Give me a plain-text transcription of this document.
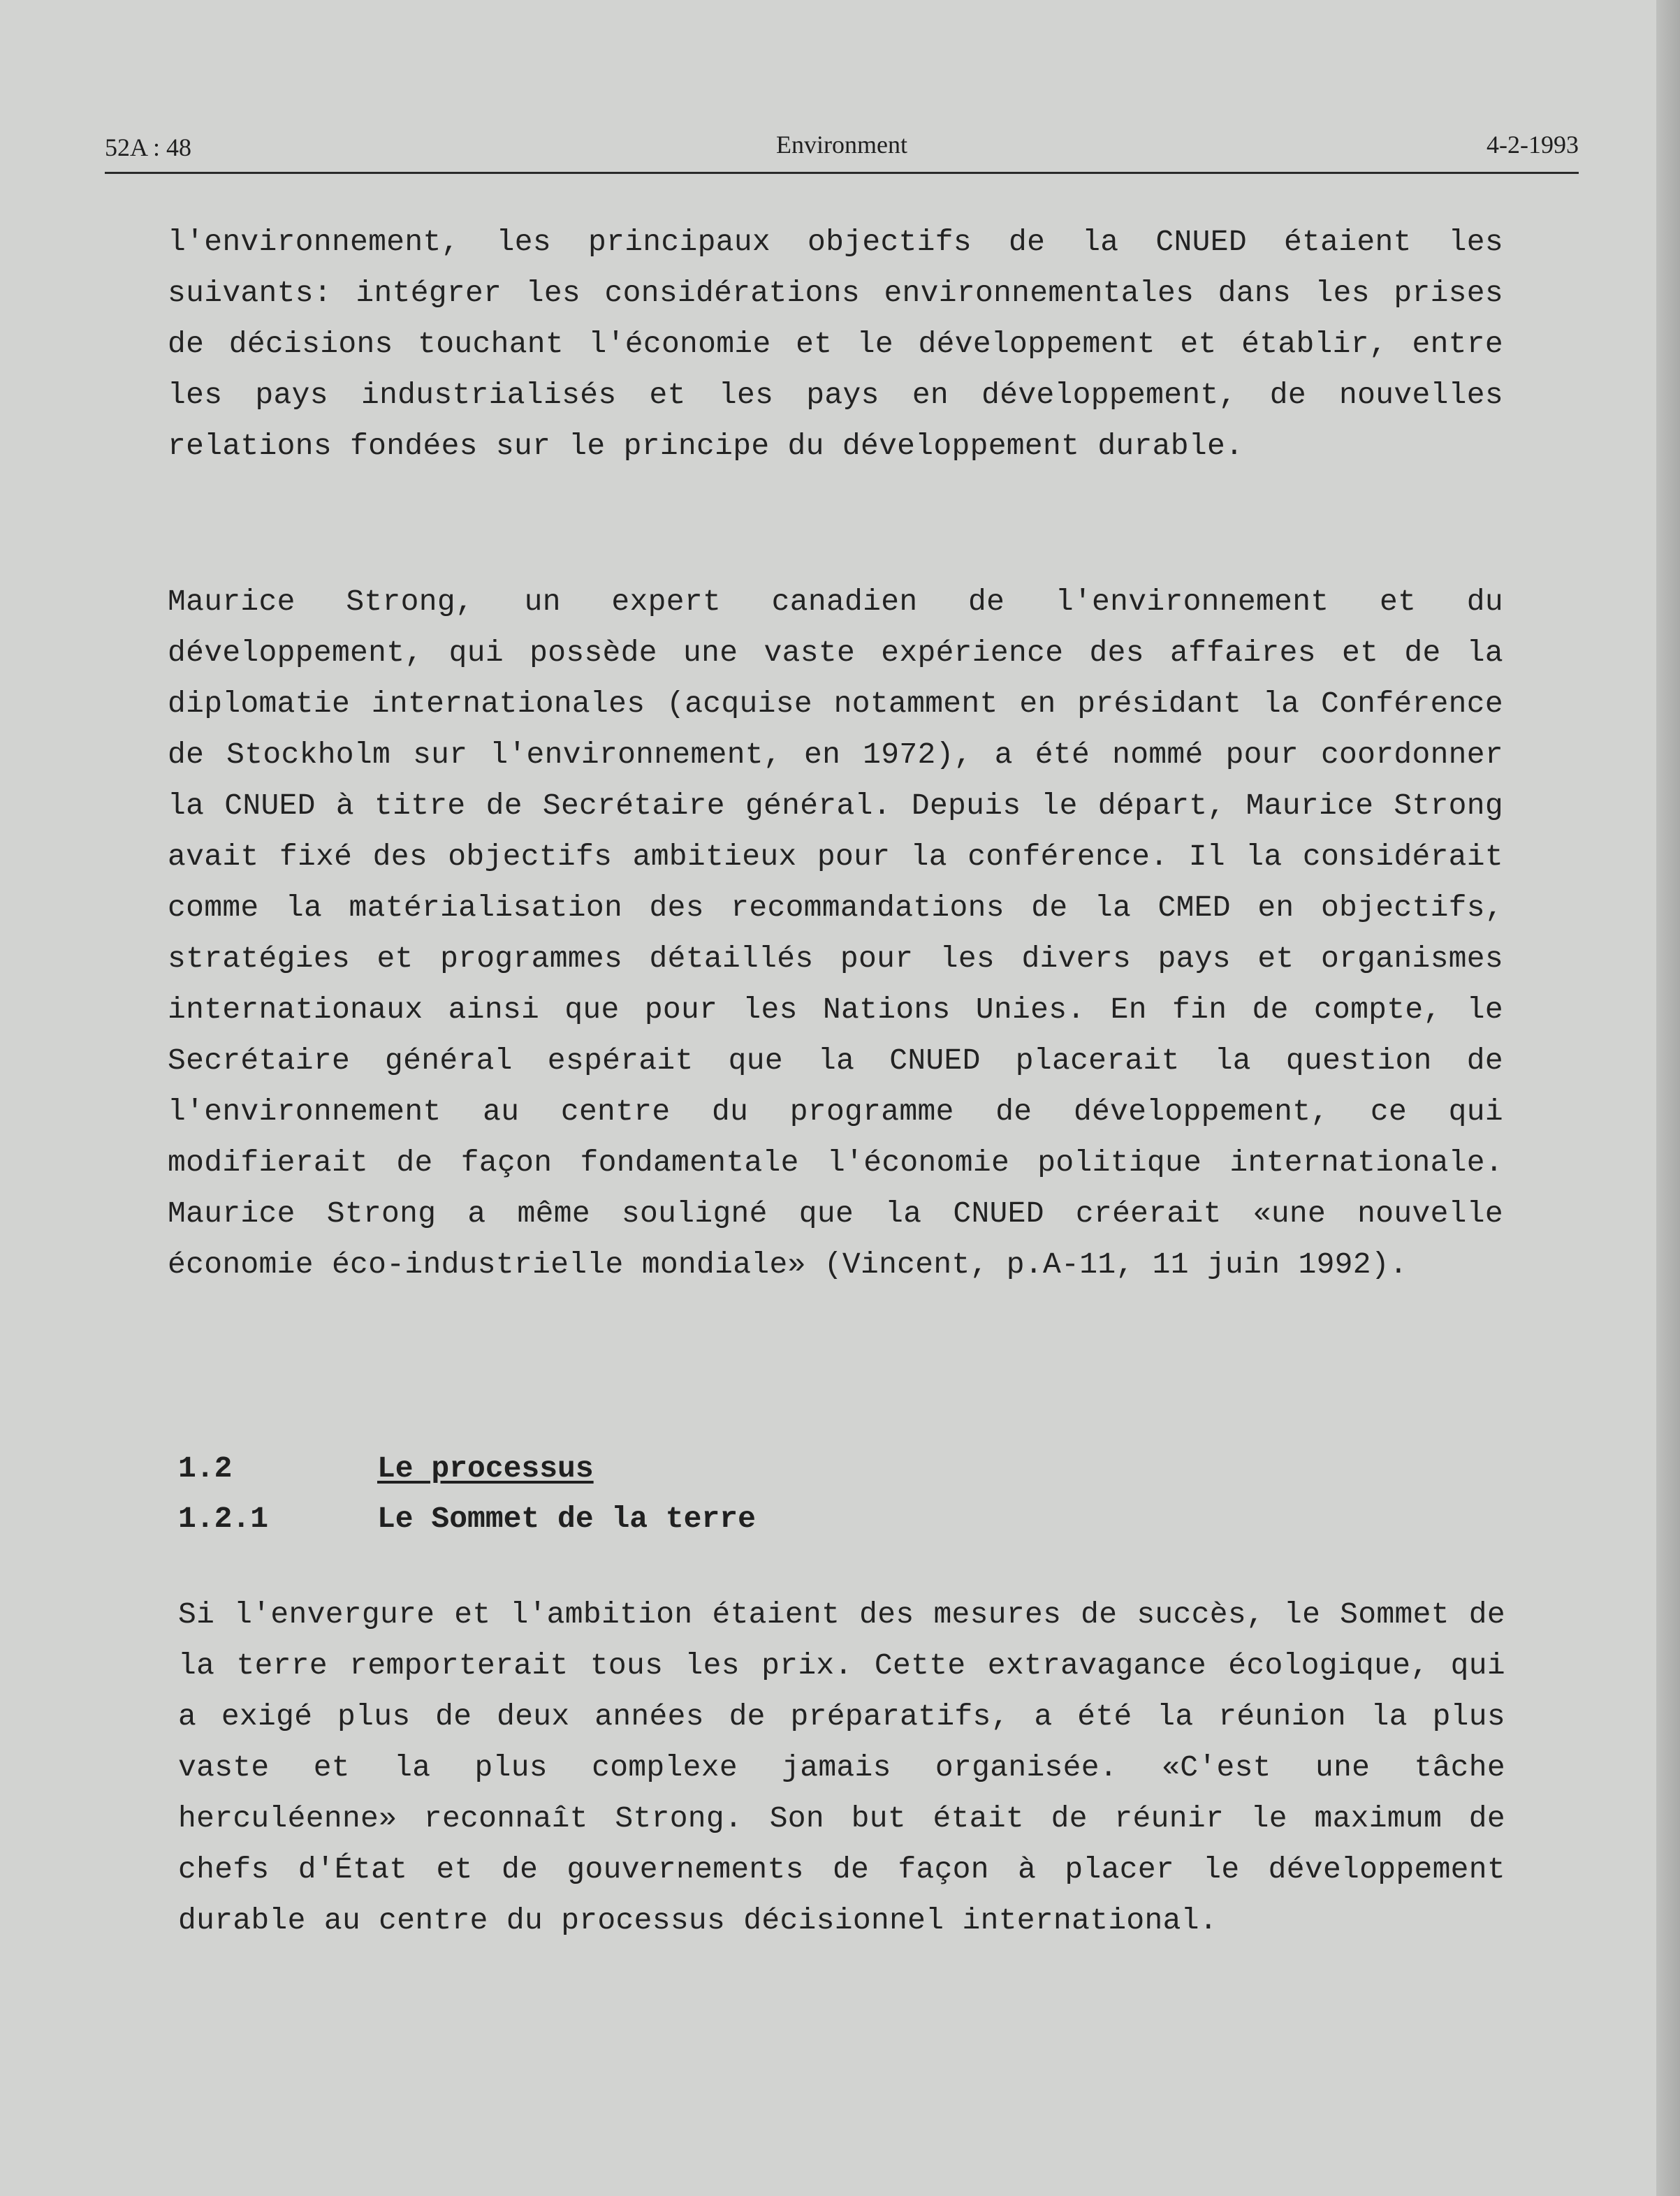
52A : 48	Environment	4-2-1993
l'environnement, les principaux objectifs de la CNUED étaient les suivants: intégrer les considérations environnementales dans les prises de décisions touchant l'économie et le développement et établir, entre les pays industrialisés et les pays en développement, de nouvelles relations fondées sur le principe du développement durable.
Maurice Strong, un expert canadien de l'environnement et du développement, qui possède une vaste expérience des affaires et de la diplomatie internationales (acquise notamment en présidant la Conférence de Stockholm sur l'environnement, en 1972), a été nommé pour coordonner la CNUED à titre de Secrétaire général. Depuis le départ, Maurice Strong avait fixé des objectifs ambitieux pour la conférence. Il la considérait comme la matérialisation des recommandations de la CMED en objectifs, stratégies et programmes détaillés pour les divers pays et organismes internationaux ainsi que pour les Nations Unies. En fin de compte, le Secrétaire général espérait que la CNUED placerait la question de l'environnement au centre du programme de développement, ce qui modifierait de façon fondamentale l'économie politique internationale. Maurice Strong a même souligné que la CNUED créerait «une nouvelle économie éco-industrielle mondiale» (Vincent, p.A-11, 11 juin 1992).
1.2	Le processus
1.2.1	Le Sommet de la terre
Si l'envergure et l'ambition étaient des mesures de succès, le Sommet de la terre remporterait tous les prix. Cette extravagance écologique, qui a exigé plus de deux années de préparatifs, a été la réunion la plus vaste et la plus complexe jamais organisée. «C'est une tâche herculéenne» reconnaît Strong. Son but était de réunir le maximum de chefs d'État et de gouvernements de façon à placer le développement durable au centre du processus décisionnel international.
